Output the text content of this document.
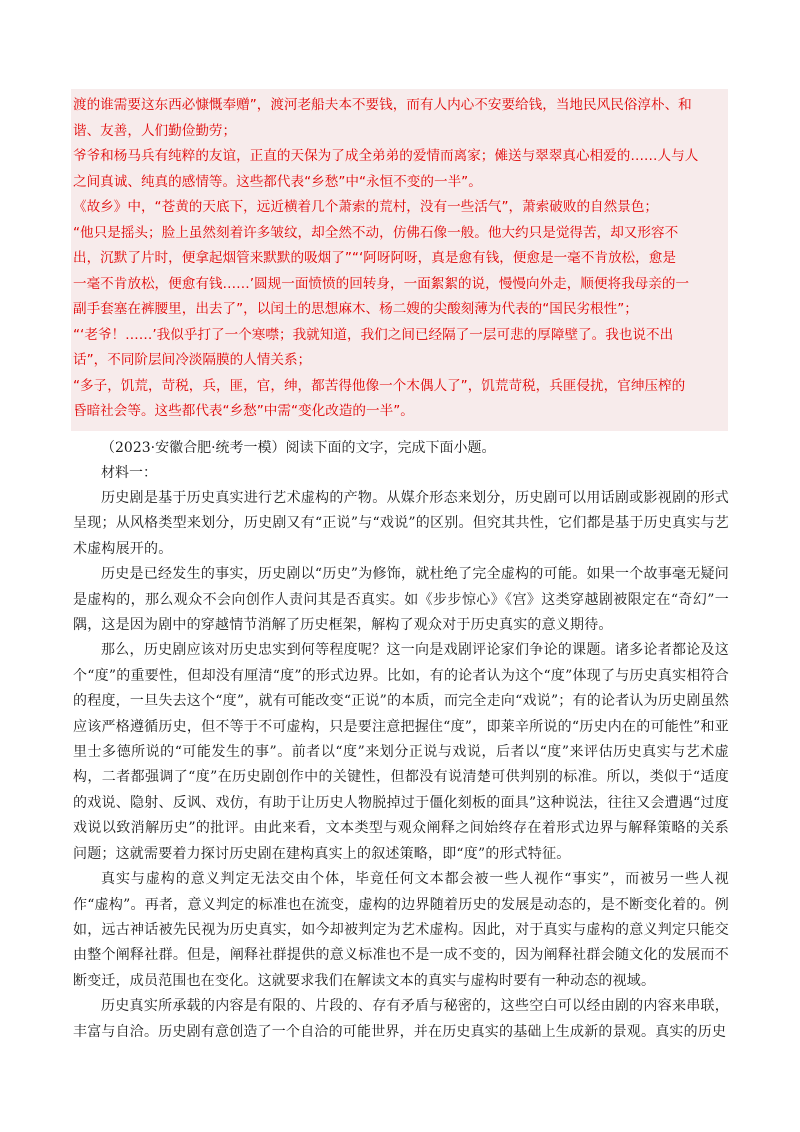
渡的谁需要这东西必慷慨奉赠”，渡河老船夫本不要钱，而有人内心不安要给钱，当地民风民俗淳朴、和

谐、友善，人们勤俭勤劳；

爷爷和杨马兵有纯粹的友谊，正直的天保为了成全弟弟的爱情而离家；傩送与翠翠真心相爱的……人与人

之间真诚、纯真的感情等。这些都代表“乡愁”中“永恒不变的一半”。

《故乡》中，“苍黄的天底下，远近横着几个萧索的荒村，没有一些活气”，萧索破败的自然景色；

“他只是摇头；脸上虽然刻着许多皱纹，却全然不动，仿佛石像一般。他大约只是觉得苦，却又形容不

出，沉默了片时，便拿起烟管来默默的吸烟了”“‘阿呀阿呀，真是愈有钱，便愈是一毫不肯放松，愈是

一毫不肯放松，便愈有钱……’圆规一面愤愤的回转身，一面絮絮的说，慢慢向外走，顺便将我母亲的一

副手套塞在裤腰里，出去了”，以闰土的思想麻木、杨二嫂的尖酸刻薄为代表的“国民劣根性”；

“‘老爷！……’我似乎打了一个寒噤；我就知道，我们之间已经隔了一层可悲的厚障壁了。我也说不出

话”，不同阶层间冷淡隔膜的人情关系；

“多子，饥荒，苛税，兵，匪，官，绅，都苦得他像一个木偶人了”，饥荒苛税，兵匪侵扰，官绅压榨的

昏暗社会等。这些都代表“乡愁”中需“变化改造的一半”。

（2023·安徽合肥·统考一模）阅读下面的文字，完成下面小题。

材料一：

历史剧是基于历史真实进行艺术虚构的产物。从媒介形态来划分，历史剧可以用话剧或影视剧的形式呈现；从风格类型来划分，历史剧又有“正说”与“戏说”的区别。但究其共性，它们都是基于历史真实与艺术虚构展开的。

历史是已经发生的事实，历史剧以“历史”为修饰，就杜绝了完全虚构的可能。如果一个故事毫无疑问是虚构的，那么观众不会向创作人责问其是否真实。如《步步惊心》《宫》这类穿越剧被限定在“奇幻”一隅，这是因为剧中的穿越情节消解了历史框架，解构了观众对于历史真实的意义期待。

那么，历史剧应该对历史忠实到何等程度呢？这一向是戏剧评论家们争论的课题。诸多论者都论及这个“度”的重要性，但却没有厘清“度”的形式边界。比如，有的论者认为这个“度”体现了与历史真实相符合的程度，一旦失去这个“度”，就有可能改变“正说”的本质，而完全走向“戏说”；有的论者认为历史剧虽然应该严格遵循历史，但不等于不可虚构，只是要注意把握住“度”，即莱辛所说的“历史内在的可能性”和亚里士多德所说的“可能发生的事”。前者以“度”来划分正说与戏说，后者以“度”来评估历史真实与艺术虚构，二者都强调了“度”在历史剧创作中的关键性，但都没有说清楚可供判别的标准。所以，类似于“适度的戏说、隐射、反讽、戏仿，有助于让历史人物脱掉过于僵化刻板的面具”这种说法，往往又会遭遇“过度戏说以致消解历史”的批评。由此来看，文本类型与观众阐释之间始终存在着形式边界与解释策略的关系问题；这就需要着力探讨历史剧在建构真实上的叙述策略，即“度”的形式特征。

真实与虚构的意义判定无法交由个体，毕竟任何文本都会被一些人视作“事实”，而被另一些人视作“虚构”。再者，意义判定的标准也在流变，虚构的边界随着历史的发展是动态的，是不断变化着的。例如，远古神话被先民视为历史真实，如今却被判定为艺术虚构。因此，对于真实与虚构的意义判定只能交由整个阐释社群。但是，阐释社群提供的意义标准也不是一成不变的，因为阐释社群会随文化的发展而不断变迁，成员范围也在变化。这就要求我们在解读文本的真实与虚构时要有一种动态的视域。

历史真实所承载的内容是有限的、片段的、存有矛盾与秘密的，这些空白可以经由剧的内容来串联，丰富与自洽。历史剧有意创造了一个自洽的可能世界，并在历史真实的基础上生成新的景观。真实的历史
